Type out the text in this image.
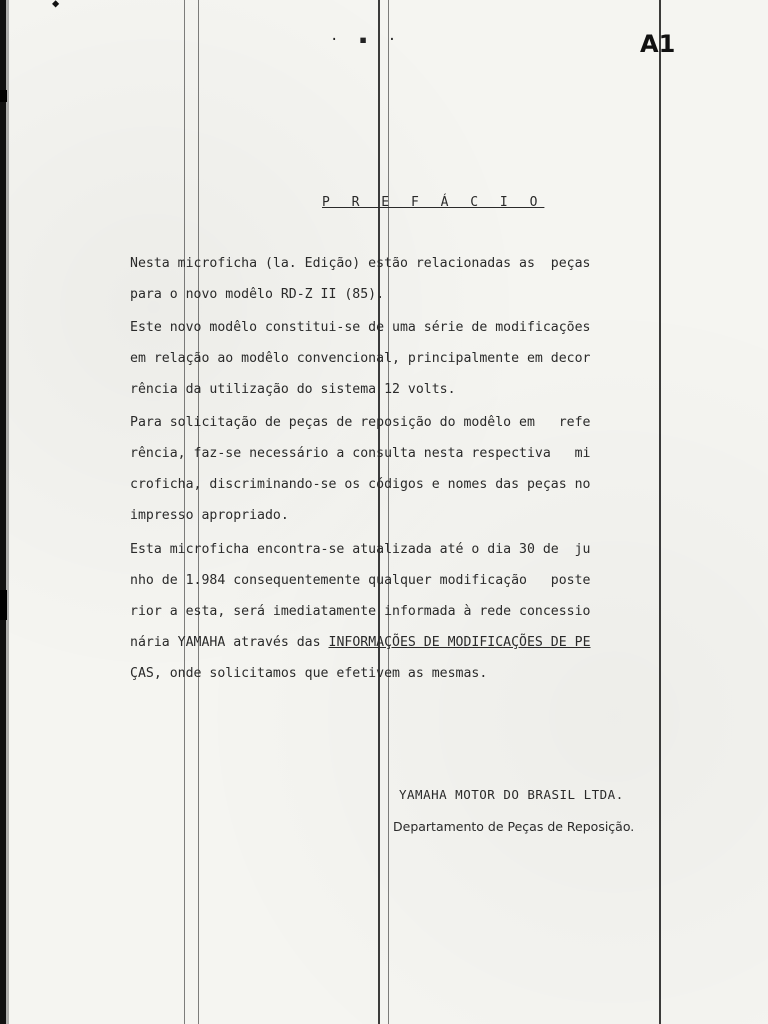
◆
· ▪ ·	A1
P R E F Á C I O
Nesta microficha (la. Edição) estão relacionadas as  peças
para o novo modêlo RD-Z II (85).
Este novo modêlo constitui-se de uma série de modificações
em relação ao modêlo convencional, principalmente em decor
rência da utilização do sistema 12 volts.
Para solicitação de peças de reposição do modêlo em   refe
rência, faz-se necessário a consulta nesta respectiva   mi
croficha, discriminando-se os códigos e nomes das peças no
impresso apropriado.
Esta microficha encontra-se atualizada até o dia 30 de  ju
nho de 1.984 consequentemente qualquer modificação   poste
rior a esta, será imediatamente informada à rede concessio
nária YAMAHA através das INFORMAÇÕES DE MODIFICAÇÕES DE PE
ÇAS, onde solicitamos que efetivem as mesmas.
YAMAHA MOTOR DO BRASIL LTDA.
Departamento de Peças de Reposição.
